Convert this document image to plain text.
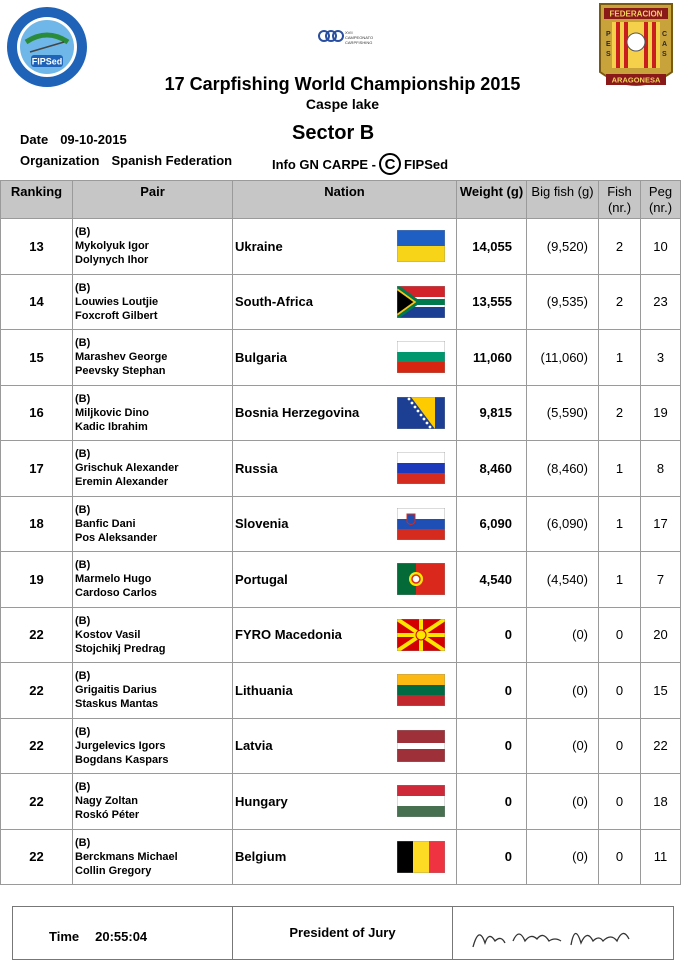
FIPSed
XVII
CAMPEONATO
CARPFISHING
FEDERACION
P
E
S
C
A
S
ARAGONESA
17 Carpfishing World Championship 2015
Caspe lake
Sector B
Date 09-10-2015
Organization Spanish Federation	Info GN CARPE - C FIPSed
Ranking	Pair	Nation		Weight (g)	Big fish (g)	Fish (nr.)	Peg (nr.)
13	(B)
Mykolyuk Igor
Dolynych Ihor	Ukraine		14,055	(9,520)	2	10
14	(B)
Louwies Loutjie
Foxcroft Gilbert	South-Africa		13,555	(9,535)	2	23
15	(B)
Marashev George
Peevsky Stephan	Bulgaria		11,060	(11,060)	1	3
16	(B)
Miljkovic Dino
Kadic Ibrahim	Bosnia Herzegovina		9,815	(5,590)	2	19
17	(B)
Grischuk Alexander
Eremin Alexander	Russia		8,460	(8,460)	1	8
18	(B)
Banfic Dani
Pos Aleksander	Slovenia		6,090	(6,090)	1	17
19	(B)
Marmelo Hugo
Cardoso Carlos	Portugal		4,540	(4,540)	1	7
22	(B)
Kostov Vasil
Stojchikj Predrag	FYRO Macedonia		0	(0)	0	20
22	(B)
Grigaitis Darius
Staskus Mantas	Lithuania		0	(0)	0	15
22	(B)
Jurgelevics Igors
Bogdans Kaspars	Latvia		0	(0)	0	22
22	(B)
Nagy Zoltan
Roskó Péter	Hungary		0	(0)	0	18
22	(B)
Berckmans Michael
Collin Gregory	Belgium		0	(0)	0	11
Time 20:55:04	President of Jury
